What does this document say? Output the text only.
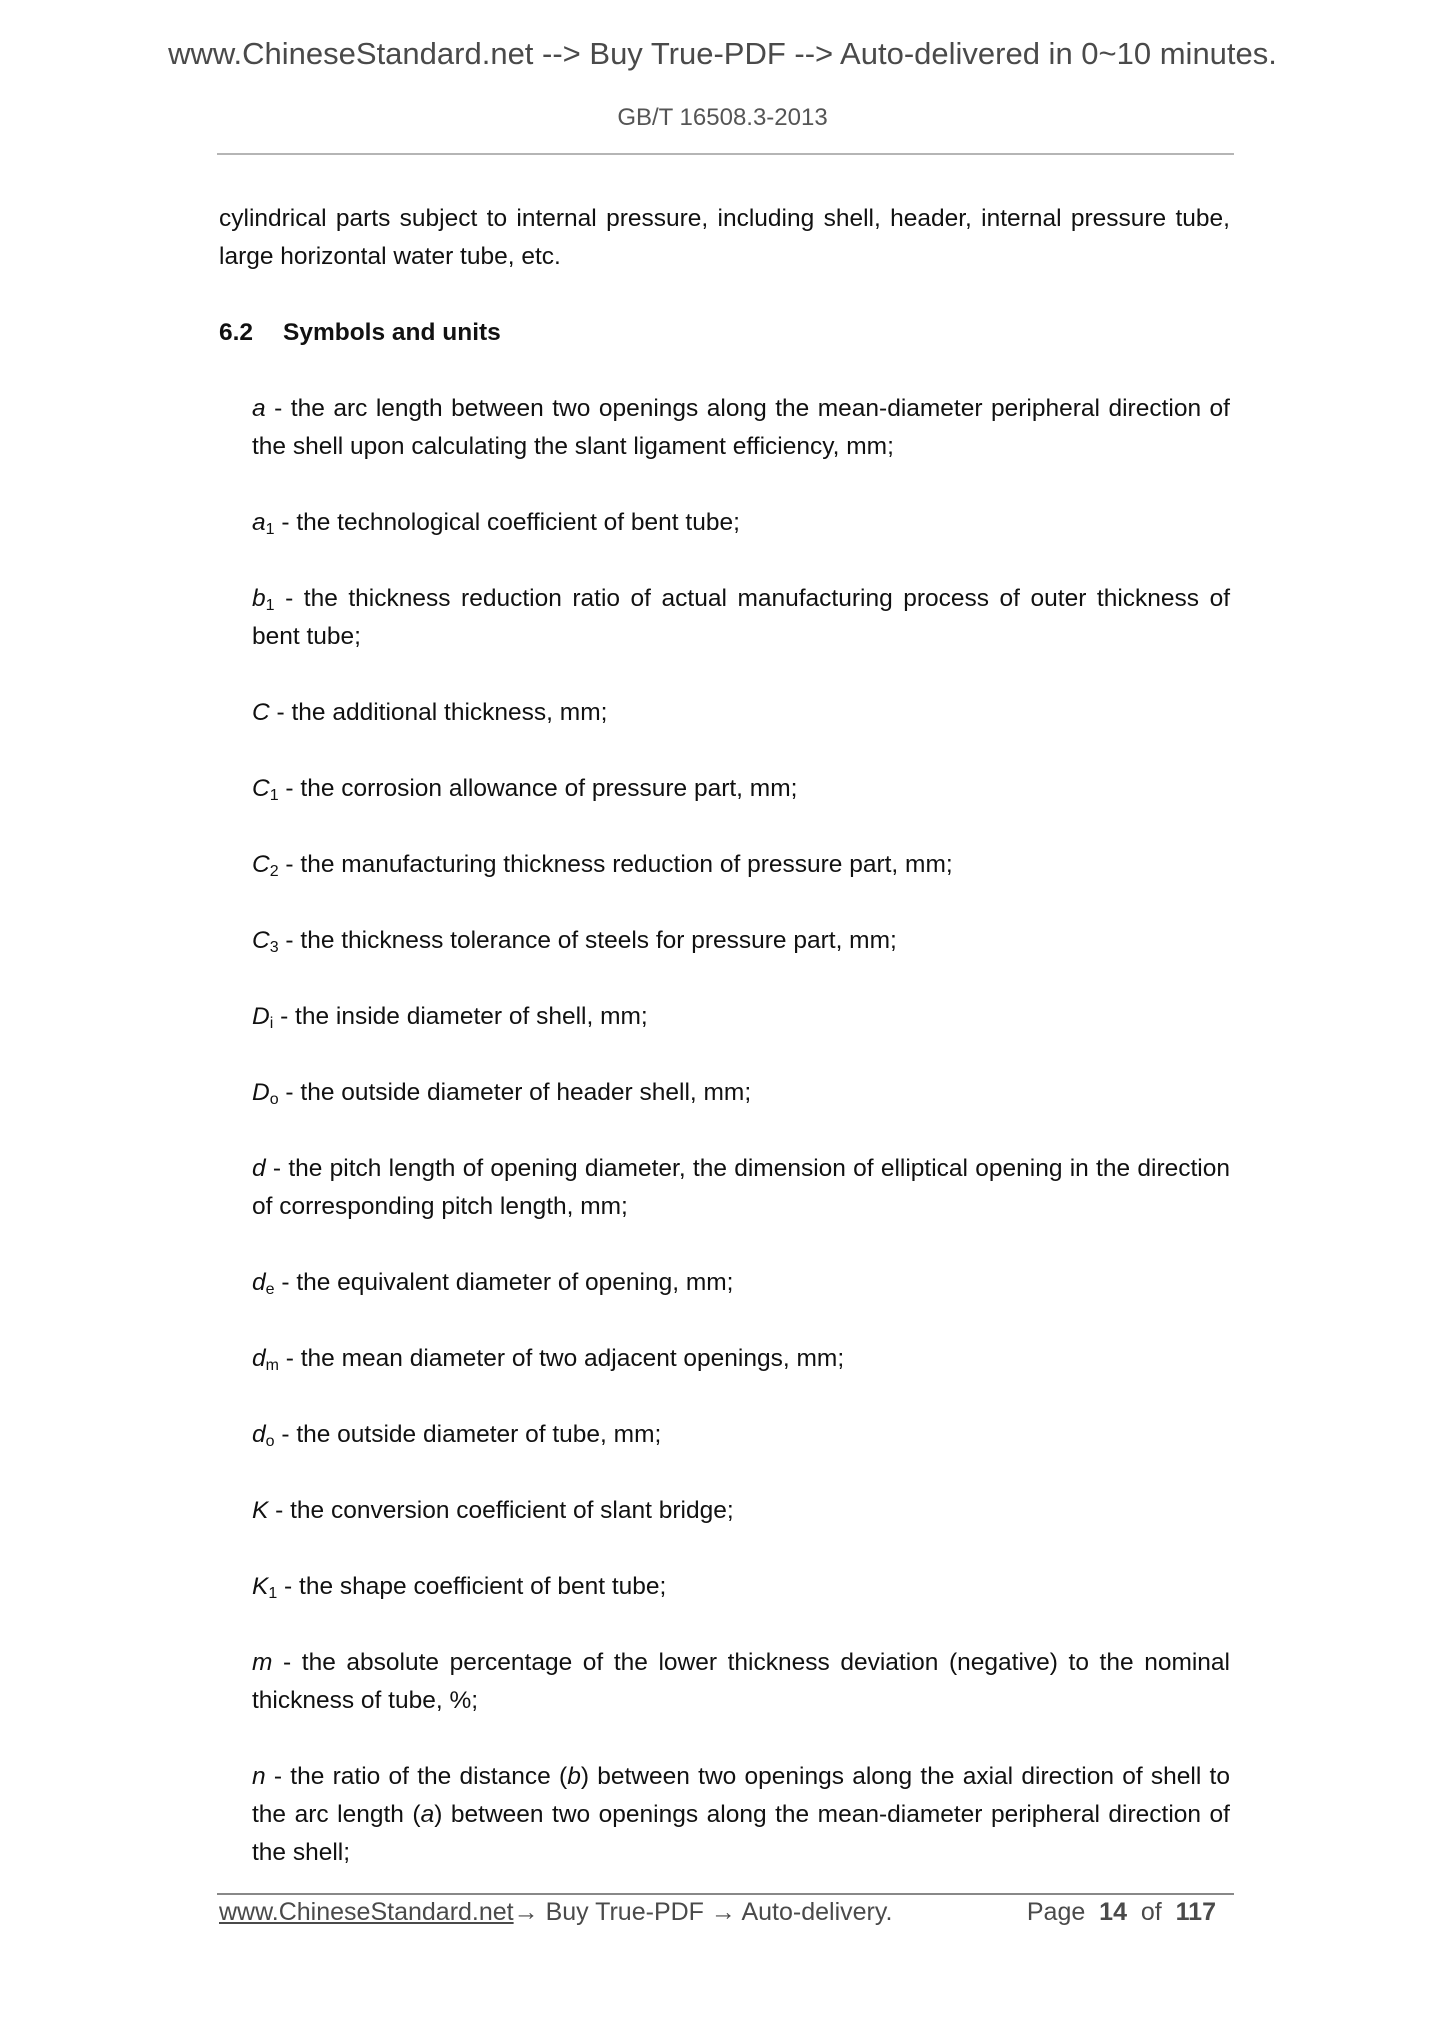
www.ChineseStandard.net --> Buy True-PDF --> Auto-delivered in 0~10 minutes.
GB/T 16508.3-2013

cylindrical parts subject to internal pressure, including shell, header, internal pressure tube, large horizontal water tube, etc.

6.2 Symbols and units
a - the arc length between two openings along the mean-diameter peripheral direction of the shell upon calculating the slant ligament efficiency, mm;
$a_1$ - the technological coefficient of bent tube;
$b_1$ - the thickness reduction ratio of actual manufacturing process of outer thickness of bent tube;
C - the additional thickness, mm;
$C_1$ - the corrosion allowance of pressure part, mm;
$C_2$ - the manufacturing thickness reduction of pressure part, mm;
$C_3$ - the thickness tolerance of steels for pressure part, mm;
$D_i$ - the inside diameter of shell, mm;
$D_o$ - the outside diameter of header shell, mm;
d - the pitch length of opening diameter, the dimension of elliptical opening in the direction of corresponding pitch length, mm;
$d_e$ - the equivalent diameter of opening, mm;
$d_m$ - the mean diameter of two adjacent openings, mm;
$d_o$ - the outside diameter of tube, mm;
K - the conversion coefficient of slant bridge;
$K_1$ - the shape coefficient of bent tube;
m - the absolute percentage of the lower thickness deviation (negative) to the nominal thickness of tube, %;
n - the ratio of the distance (b) between two openings along the axial direction of shell to the arc length (a) between two openings along the mean-diameter peripheral direction of the shell;
www.ChineseStandard.net→ Buy True-PDF → Auto-delivery.	Page 14 of 117
